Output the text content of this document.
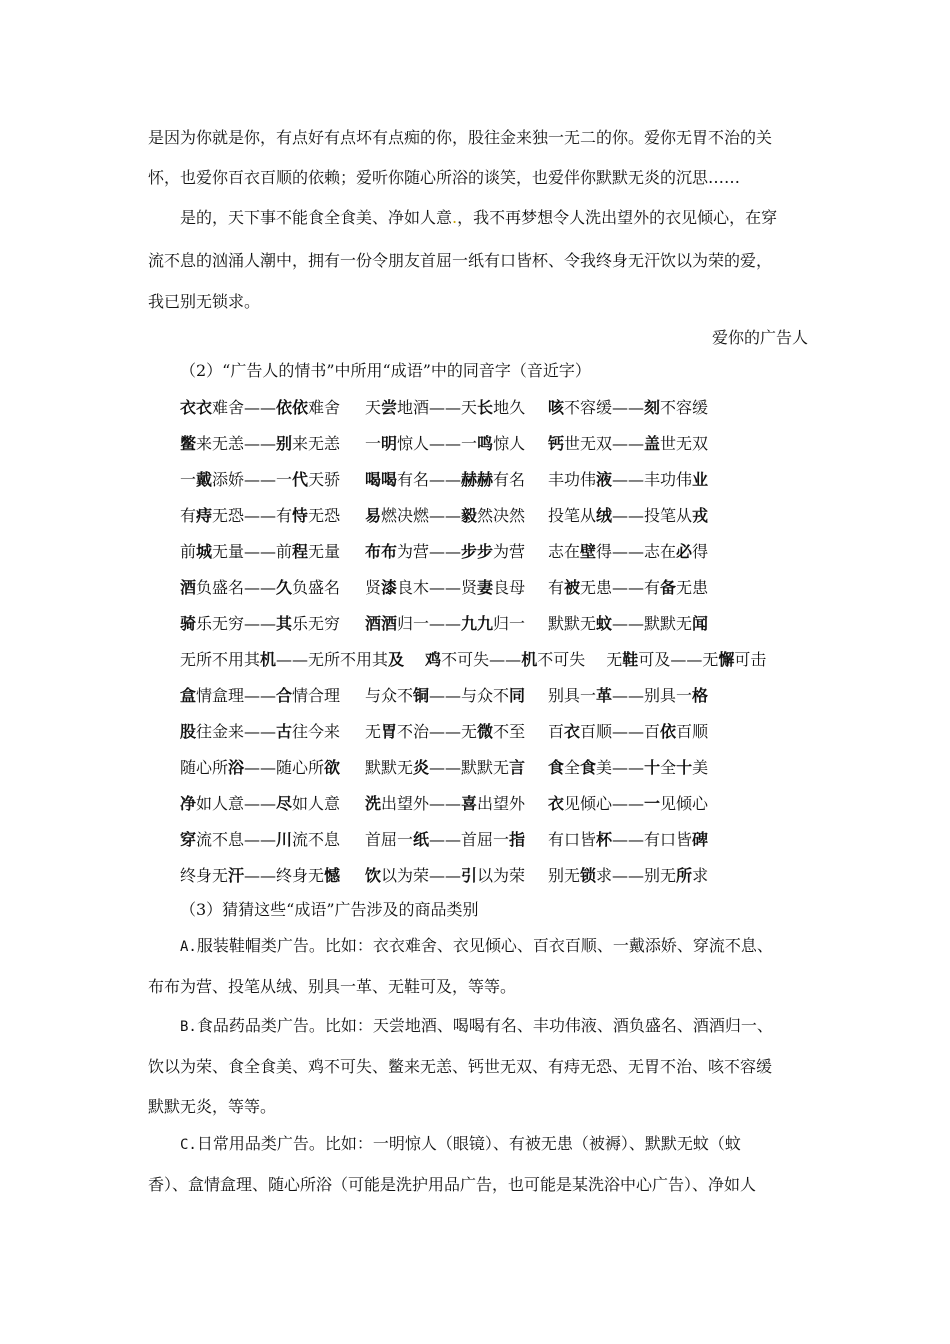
是因为你就是你，有点好有点坏有点痴的你，股往金来独一无二的你。爱你无胃不治的关
怀，也爱你百衣百顺的依赖；爱听你随心所浴的谈笑，也爱伴你默默无炎的沉思……
是的，天下事不能食全食美、净如人意.，我不再梦想令人洗出望外的衣见倾心，在穿
流不息的汹涌人潮中，拥有一份令朋友首屈一纸有口皆杯、令我终身无汗饮以为荣的爱，
我已别无锁求。
爱你的广告人
（2）“广告人的情书”中所用“成语”中的同音字（音近字）
衣衣难舍——依依难舍 天尝地酒——天长地久 咳不容缓——刻不容缓
鳖来无恙——别来无恙 一明惊人——一鸣惊人 钙世无双——盖世无双
一戴添娇——一代天骄 喝喝有名——赫赫有名 丰功伟液——丰功伟业
有痔无恐——有恃无恐 易燃决燃——毅然决然 投笔从绒——投笔从戎
前城无量——前程无量 布布为营——步步为营 志在壁得——志在必得
酒负盛名——久负盛名 贤漆良木——贤妻良母 有被无患——有备无患
骑乐无穷——其乐无穷 酒酒归一——九九归一 默默无蚊——默默无闻
盒情盒理——合情合理 与众不铜——与众不同 别具一革——别具一格
股往金来——古往今来 无胃不治——无微不至 百衣百顺——百依百顺
随心所浴——随心所欲 默默无炎——默默无言 食全食美——十全十美
净如人意——尽如人意 洗出望外——喜出望外 衣见倾心——一见倾心
穿流不息——川流不息 首屈一纸——首屈一指 有口皆杯——有口皆碑
终身无汗——终身无憾 饮以为荣——引以为荣 别无锁求——别无所求
无所不用其机——无所不用其及　 鸡不可失——机不可失　 无鞋可及——无懈可击
（3）猜猜这些“成语”广告涉及的商品类别
A.服装鞋帽类广告。比如：衣衣难舍、衣见倾心、百衣百顺、一戴添娇、穿流不息、
布布为营、投笔从绒、别具一革、无鞋可及，等等。
B.食品药品类广告。比如：天尝地酒、喝喝有名、丰功伟液、酒负盛名、酒酒归一、
饮以为荣、食全食美、鸡不可失、鳖来无恙、钙世无双、有痔无恐、无胃不治、咳不容缓
默默无炎，等等。
C.日常用品类广告。比如：一明惊人（眼镜）、有被无患（被褥）、默默无蚊（蚊
香）、盒情盒理、随心所浴（可能是洗护用品广告，也可能是某洗浴中心广告）、净如人
